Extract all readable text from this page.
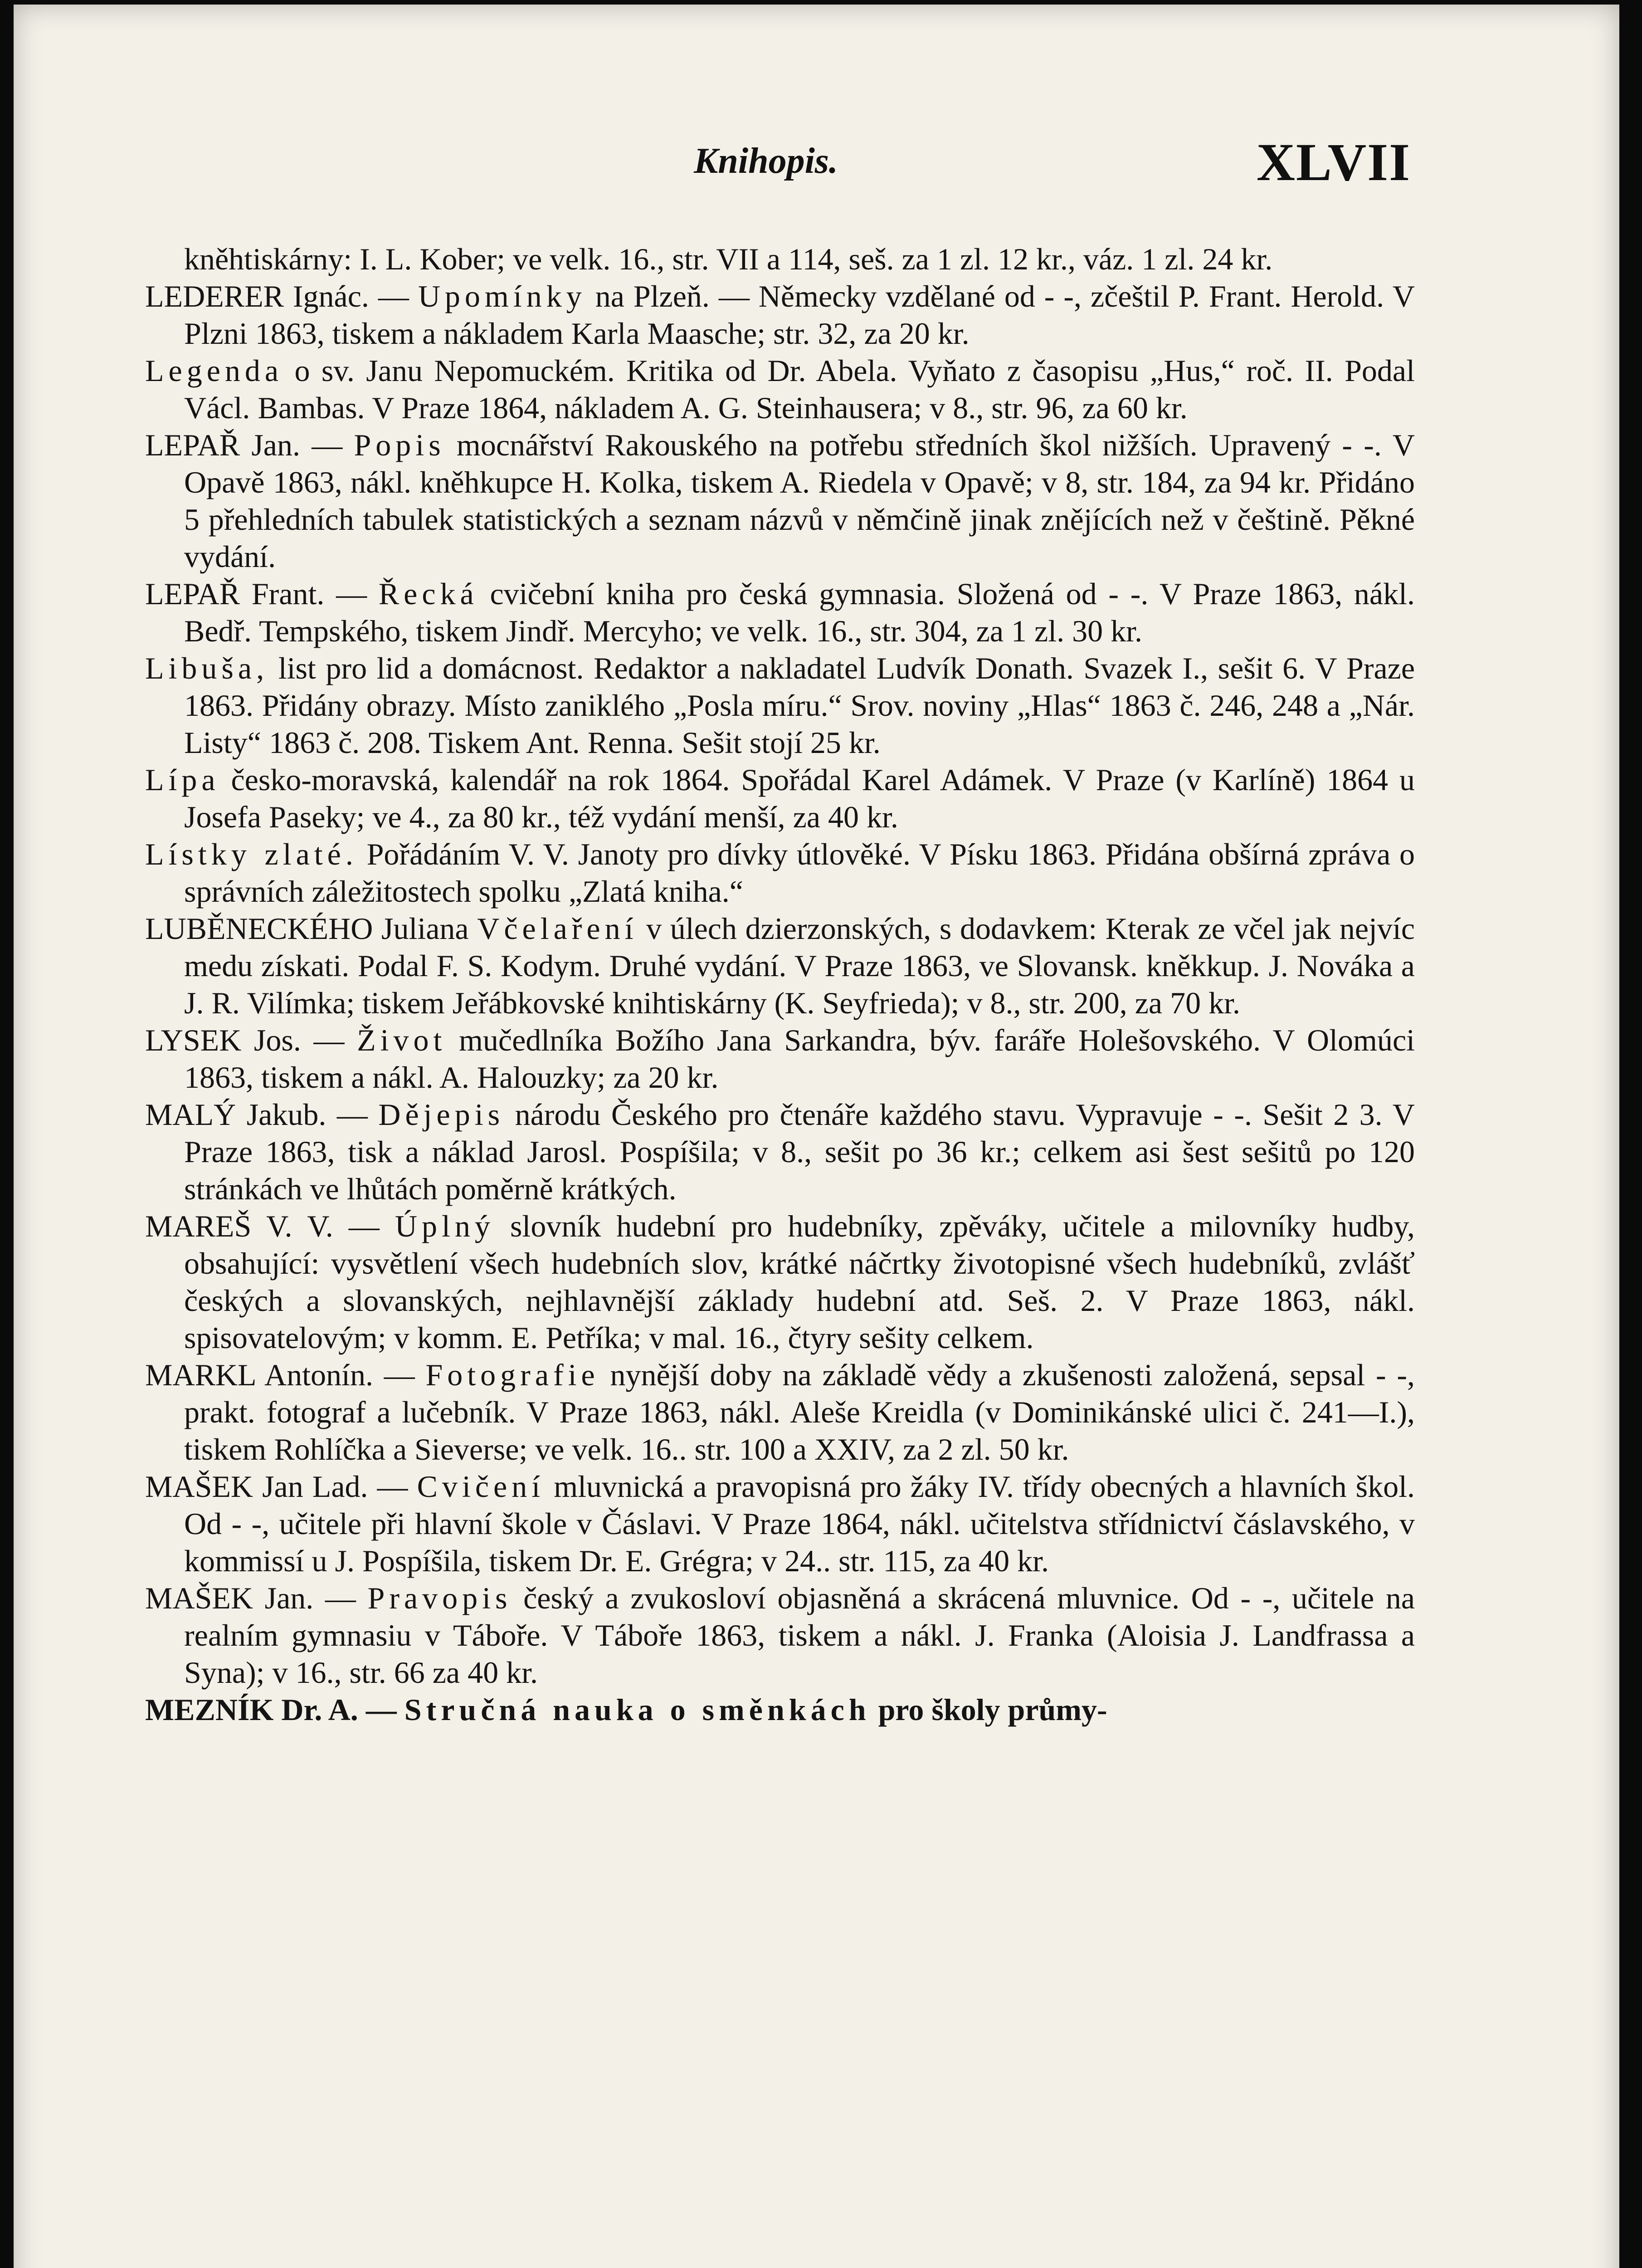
Knihopis.	XLVII

kněhtiskárny: I. L. Kober; ve velk. 16., str. VII a 114, seš. za 1 zl. 12 kr., váz. 1 zl. 24 kr.

LEDERER Ignác. — Upomínky na Plzeň. — Německy vzdělané od - -, zčeštil P. Frant. Herold. V Plzni 1863, tiskem a nákladem Karla Maasche; str. 32, za 20 kr.

Legenda o sv. Janu Nepomuckém. Kritika od Dr. Abela. Vyňato z časopisu „Hus,“ roč. II. Podal Václ. Bambas. V Praze 1864, nákladem A. G. Steinhausera; v 8., str. 96, za 60 kr.

LEPAŘ Jan. — Popis mocnářství Rakouského na potřebu středních škol nižších. Upravený - -. V Opavě 1863, nákl. kněhkupce H. Kolka, tiskem A. Riedela v Opavě; v 8, str. 184, za 94 kr. Přidáno 5 přehledních tabulek statistických a seznam názvů v němčině jinak znějících než v češtině. Pěkné vydání.

LEPAŘ Frant. — Řecká cvičební kniha pro česká gymnasia. Složená od - -. V Praze 1863, nákl. Bedř. Tempského, tiskem Jindř. Mercyho; ve velk. 16., str. 304, za 1 zl. 30 kr.

Libuša, list pro lid a domácnost. Redaktor a nakladatel Ludvík Donath. Svazek I., sešit 6. V Praze 1863. Přidány obrazy. Místo zaniklého „Posla míru.“ Srov. noviny „Hlas“ 1863 č. 246, 248 a „Nár. Listy“ 1863 č. 208. Tiskem Ant. Renna. Sešit stojí 25 kr.

Lípa česko-moravská, kalendář na rok 1864. Spořádal Karel Adámek. V Praze (v Karlíně) 1864 u Josefa Paseky; ve 4., za 80 kr., též vydání menší, za 40 kr.

Lístky zlaté. Pořádáním V. V. Janoty pro dívky útlověké. V Písku 1863. Přidána obšírná zpráva o správních záležitostech spolku „Zlatá kniha.“

LUBĚNECKÉHO Juliana Včelaření v úlech dzierzonských, s dodavkem: Kterak ze včel jak nejvíc medu získati. Podal F. S. Kodym. Druhé vydání. V Praze 1863, ve Slovansk. kněkkup. J. Nováka a J. R. Vilímka; tiskem Jeřábkovské knihtiskárny (K. Seyfrieda); v 8., str. 200, za 70 kr.

LYSEK Jos. — Život mučedlníka Božího Jana Sarkandra, býv. faráře Holešovského. V Olomúci 1863, tiskem a nákl. A. Halouzky; za 20 kr.

MALÝ Jakub. — Dějepis národu Českého pro čtenáře každého stavu. Vypravuje - -. Sešit 2 3. V Praze 1863, tisk a náklad Jarosl. Pospíšila; v 8., sešit po 36 kr.; celkem asi šest sešitů po 120 stránkách ve lhůtách poměrně krátkých.

MAREŠ V. V. — Úplný slovník hudební pro hudebníky, zpěváky, učitele a milovníky hudby, obsahující: vysvětlení všech hudebních slov, krátké náčrtky životopisné všech hudebníků, zvlášť českých a slovanských, nejhlavnější základy hudební atd. Seš. 2. V Praze 1863, nákl. spisovatelovým; v komm. E. Petříka; v mal. 16., čtyry sešity celkem.

MARKL Antonín. — Fotografie nynější doby na základě vědy a zkušenosti založená, sepsal - -, prakt. fotograf a lučebník. V Praze 1863, nákl. Aleše Kreidla (v Dominikánské ulici č. 241—I.), tiskem Rohlíčka a Sieverse; ve velk. 16.. str. 100 a XXIV, za 2 zl. 50 kr.

MAŠEK Jan Lad. — Cvičení mluvnická a pravopisná pro žáky IV. třídy obecných a hlavních škol. Od - -, učitele při hlavní škole v Čáslavi. V Praze 1864, nákl. učitelstva střídnictví čáslavského, v kommissí u J. Pospíšila, tiskem Dr. E. Grégra; v 24.. str. 115, za 40 kr.

MAŠEK Jan. — Pravopis český a zvukosloví objasněná a skrácená mluvnice. Od - -, učitele na realním gymnasiu v Táboře. V Táboře 1863, tiskem a nákl. J. Franka (Aloisia J. Landfrassa a Syna); v 16., str. 66 za 40 kr.

MEZNÍK Dr. A. — Stručná nauka o směnkách pro školy průmy-
